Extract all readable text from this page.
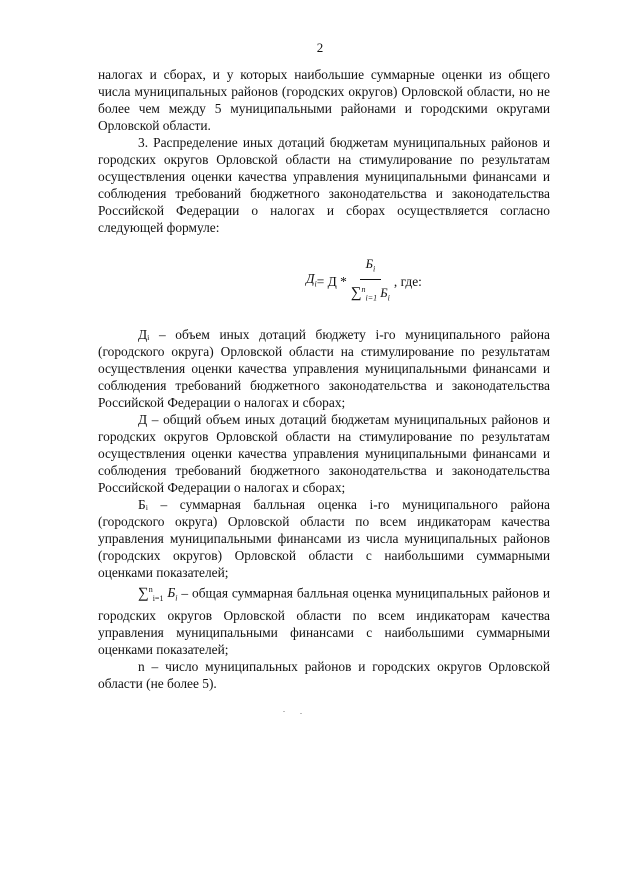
2

налогах и сборах, и у которых наибольшие суммарные оценки из общего числа муниципальных районов (городских округов) Орловской области, но не более чем между 5 муниципальными районами и городскими округами Орловской области.

3. Распределение иных дотаций бюджетам муниципальных районов и городских округов Орловской области на стимулирование по результатам осуществления оценки качества управления муниципальными финансами и соблюдения требований бюджетного законодательства и законодательства Российской Федерации о налогах и сборах осуществляется согласно следующей формуле:

$Д_i = Д * \frac{Б_i}{\sum^n_{i=1} Б_i}$ , где:

Дᵢ – объем иных дотаций бюджету i-го муниципального района (городского округа) Орловской области на стимулирование по результатам осуществления оценки качества управления муниципальными финансами и соблюдения требований бюджетного законодательства и законодательства Российской Федерации о налогах и сборах;

Д – общий объем иных дотаций бюджетам муниципальных районов и городских округов Орловской области на стимулирование по результатам осуществления оценки качества управления муниципальными финансами и соблюдения требований бюджетного законодательства и законодательства Российской Федерации о налогах и сборах;

Бᵢ – суммарная балльная оценка i-го муниципального района (городского округа) Орловской области по всем индикаторам качества управления муниципальными финансами из числа муниципальных районов (городских округов) Орловской области с наибольшими суммарными оценками показателей;

∑$^n_{i=1}$ $Б_i$ – общая суммарная балльная оценка муниципальных районов и городских округов Орловской области по всем индикаторам качества управления муниципальными финансами с наибольшими суммарными оценками показателей;

n – число муниципальных районов и городских округов Орловской области (не более 5).
